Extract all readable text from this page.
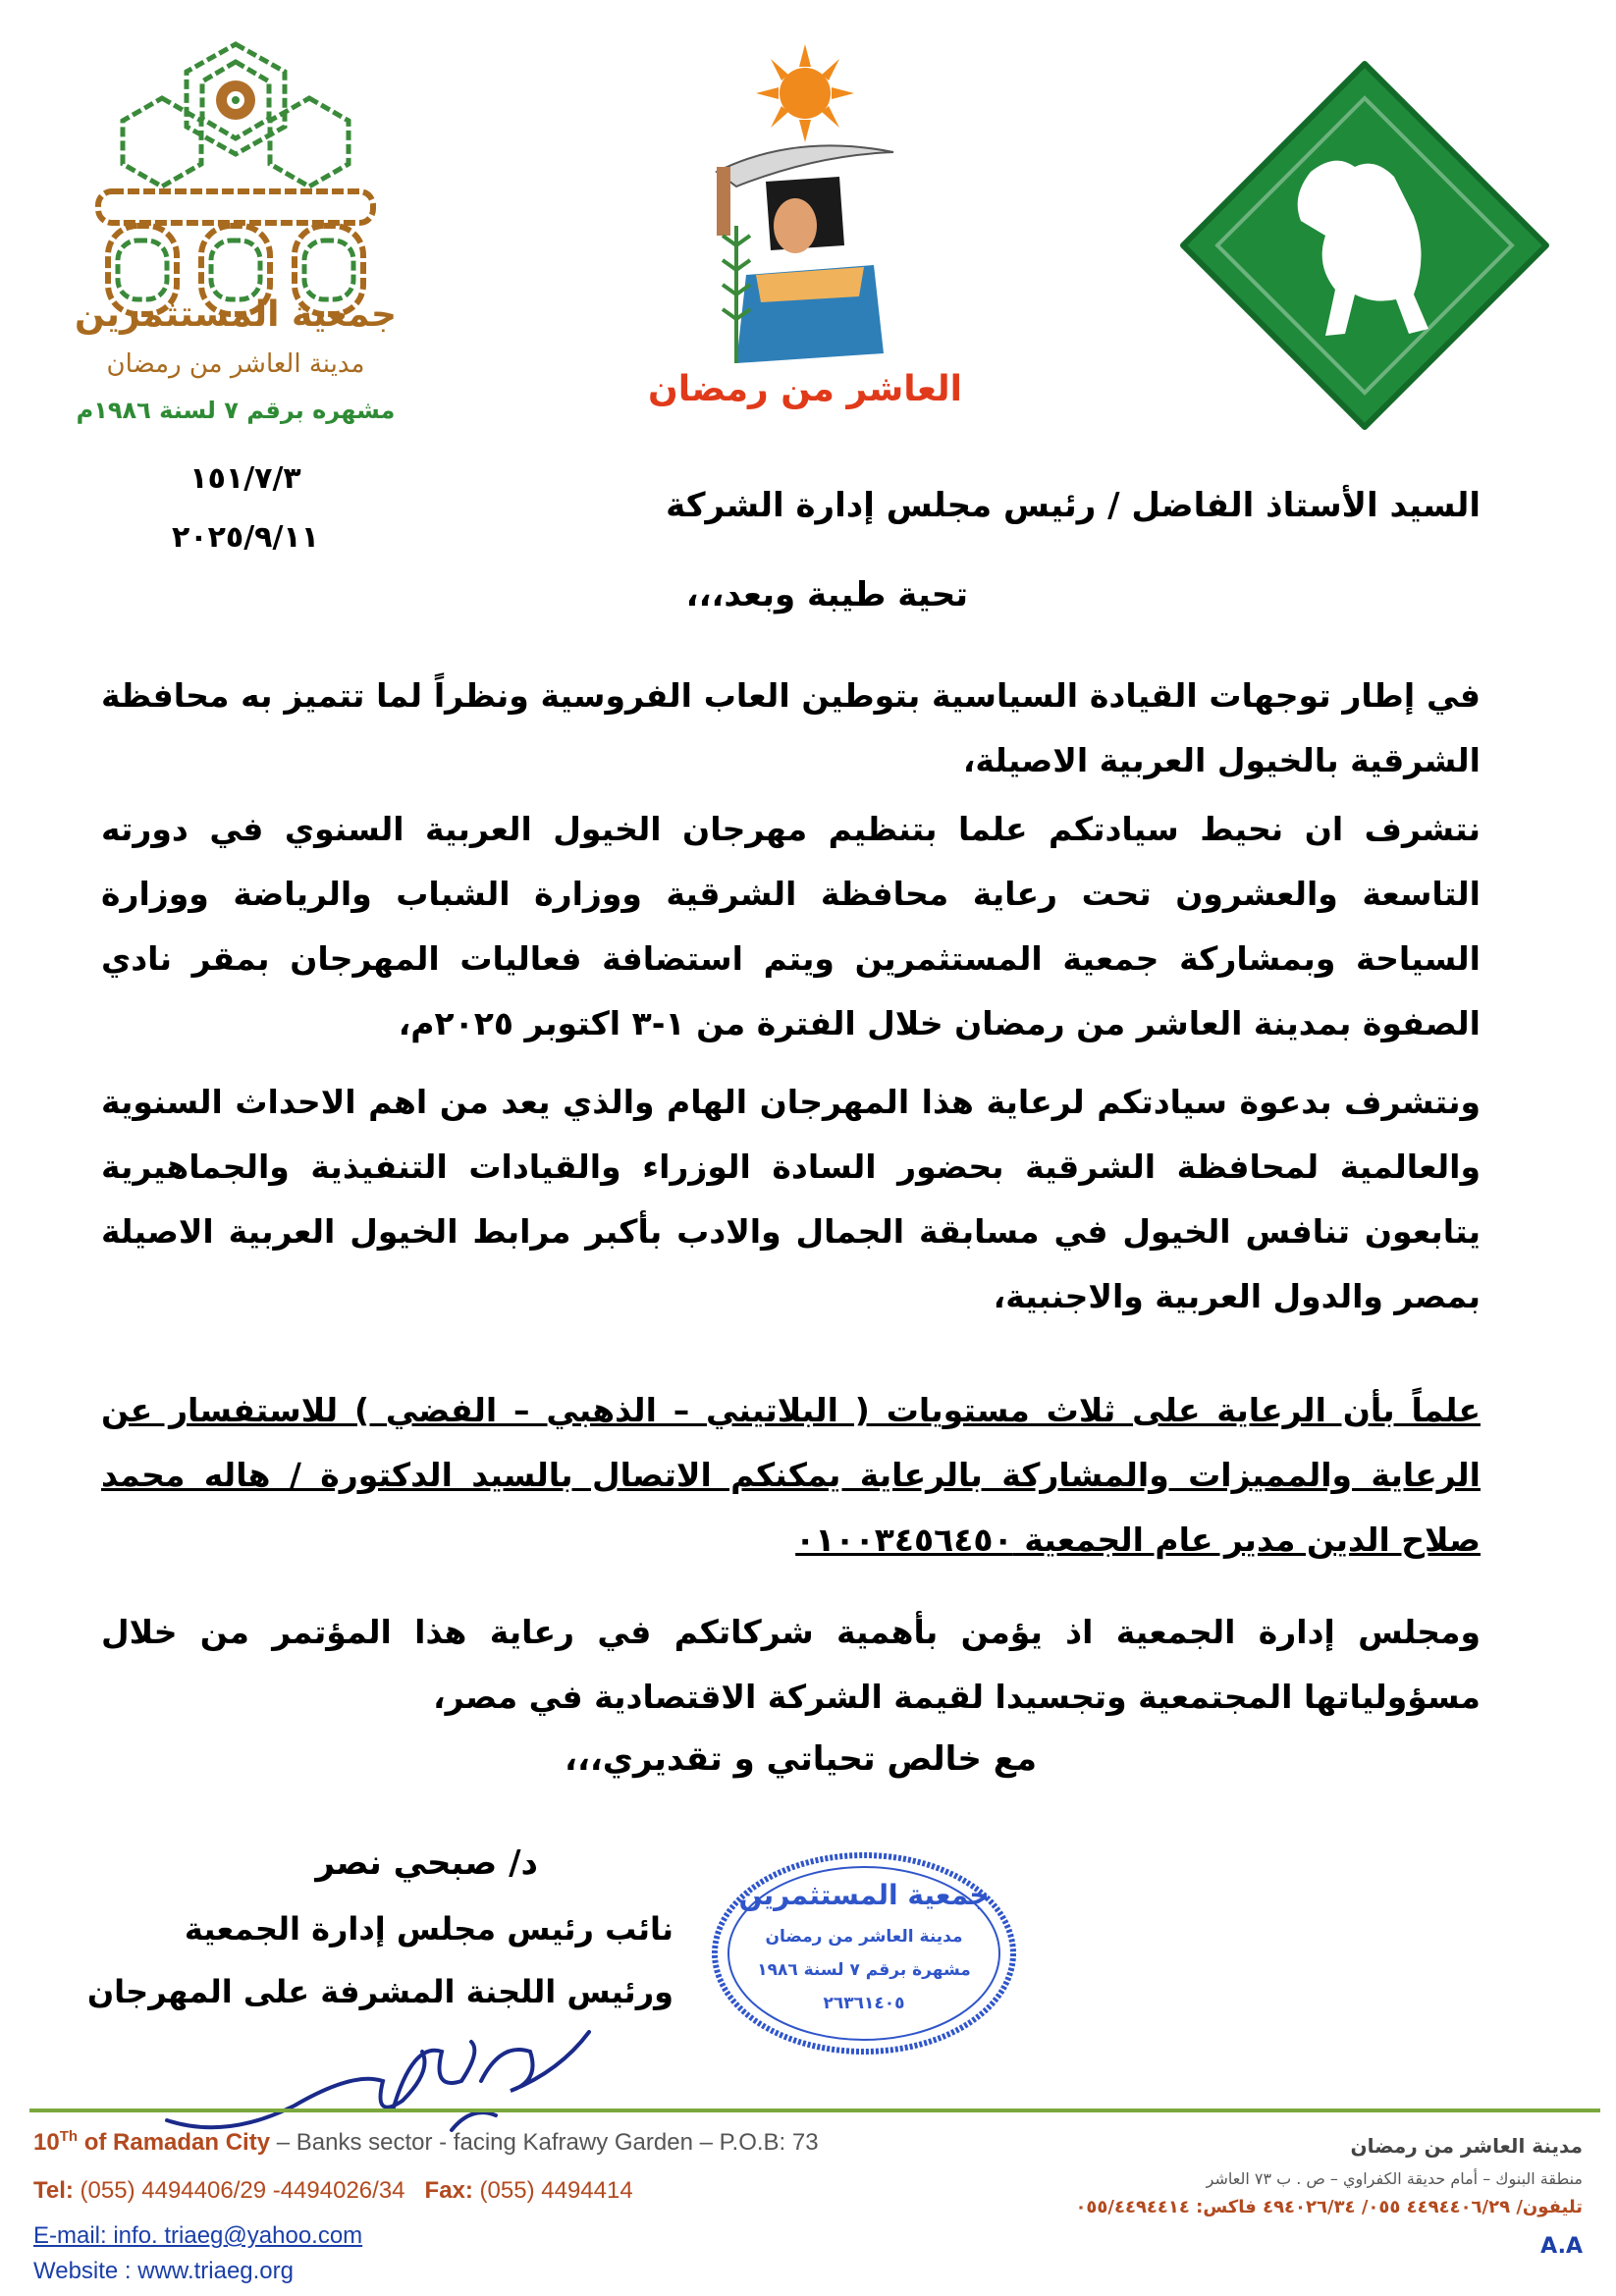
جمعية المستثمرين
مدينة العاشر من رمضان
مشهره برقم ٧ لسنة ١٩٨٦م
العاشر من رمضان
١٥١/٧/٣
٢٠٢٥/٩/١١
السيد الأستاذ الفاضل / رئيس مجلس إدارة الشركة
تحية طيبة وبعد،،،
في إطار توجهات القيادة السياسية بتوطين العاب الفروسية ونظراً لما تتميز به محافظة الشرقية بالخيول العربية الاصيلة،
نتشرف ان نحيط سيادتكم علما بتنظيم مهرجان الخيول العربية السنوي في دورته التاسعة والعشرون تحت رعاية محافظة الشرقية ووزارة الشباب والرياضة ووزارة السياحة وبمشاركة جمعية المستثمرين ويتم استضافة فعاليات المهرجان بمقر نادي الصفوة بمدينة العاشر من رمضان خلال الفترة من ١-٣ اكتوبر ٢٠٢٥م،
ونتشرف بدعوة سيادتكم لرعاية هذا المهرجان الهام والذي يعد من اهم الاحداث السنوية والعالمية لمحافظة الشرقية بحضور السادة الوزراء والقيادات التنفيذية والجماهيرية يتابعون تنافس الخيول في مسابقة الجمال والادب بأكبر مرابط الخيول العربية الاصيلة بمصر والدول العربية والاجنبية،
علماً بأن الرعاية على ثلاث مستويات ( البلاتيني – الذهبي – الفضي ) للاستفسار عن الرعاية والمميزات والمشاركة بالرعاية يمكنكم الاتصال بالسيد الدكتورة / هاله محمد صلاح الدين مدير عام الجمعية ٠١٠٠٣٤٥٦٤٥٠
ومجلس إدارة الجمعية اذ يؤمن بأهمية شركاتكم في رعاية هذا المؤتمر من خلال مسؤولياتها المجتمعية وتجسيدا لقيمة الشركة الاقتصادية في مصر،
مع خالص تحياتي و تقديري،،،
د/ صبحي نصر
نائب رئيس مجلس إدارة الجمعية
ورئيس اللجنة المشرفة على المهرجان
جمعية المستثمرين
مدينة العاشر من رمضان
مشهرة برقم ٧ لسنة ١٩٨٦
٢٦٣٦١٤٠٥
10Th of Ramadan City – Banks sector - facing Kafrawy Garden – P.O.B: 73
Tel: (055) 4494406/29 -4494026/34 Fax: (055) 4494414
E-mail: info. triaeg@yahoo.com
Website : www.triaeg.org
مدينة العاشر من رمضان
منطقة البنوك – أمام حديقة الكفراوي – ص . ب ٧٣ العاشر
تليفون/ ٤٤٩٤٤٠٦/٢٩ ٠٥٥/ ٤٩٤٠٢٦/٣٤ فاكس: ٠٥٥/٤٤٩٤٤١٤
A.A
